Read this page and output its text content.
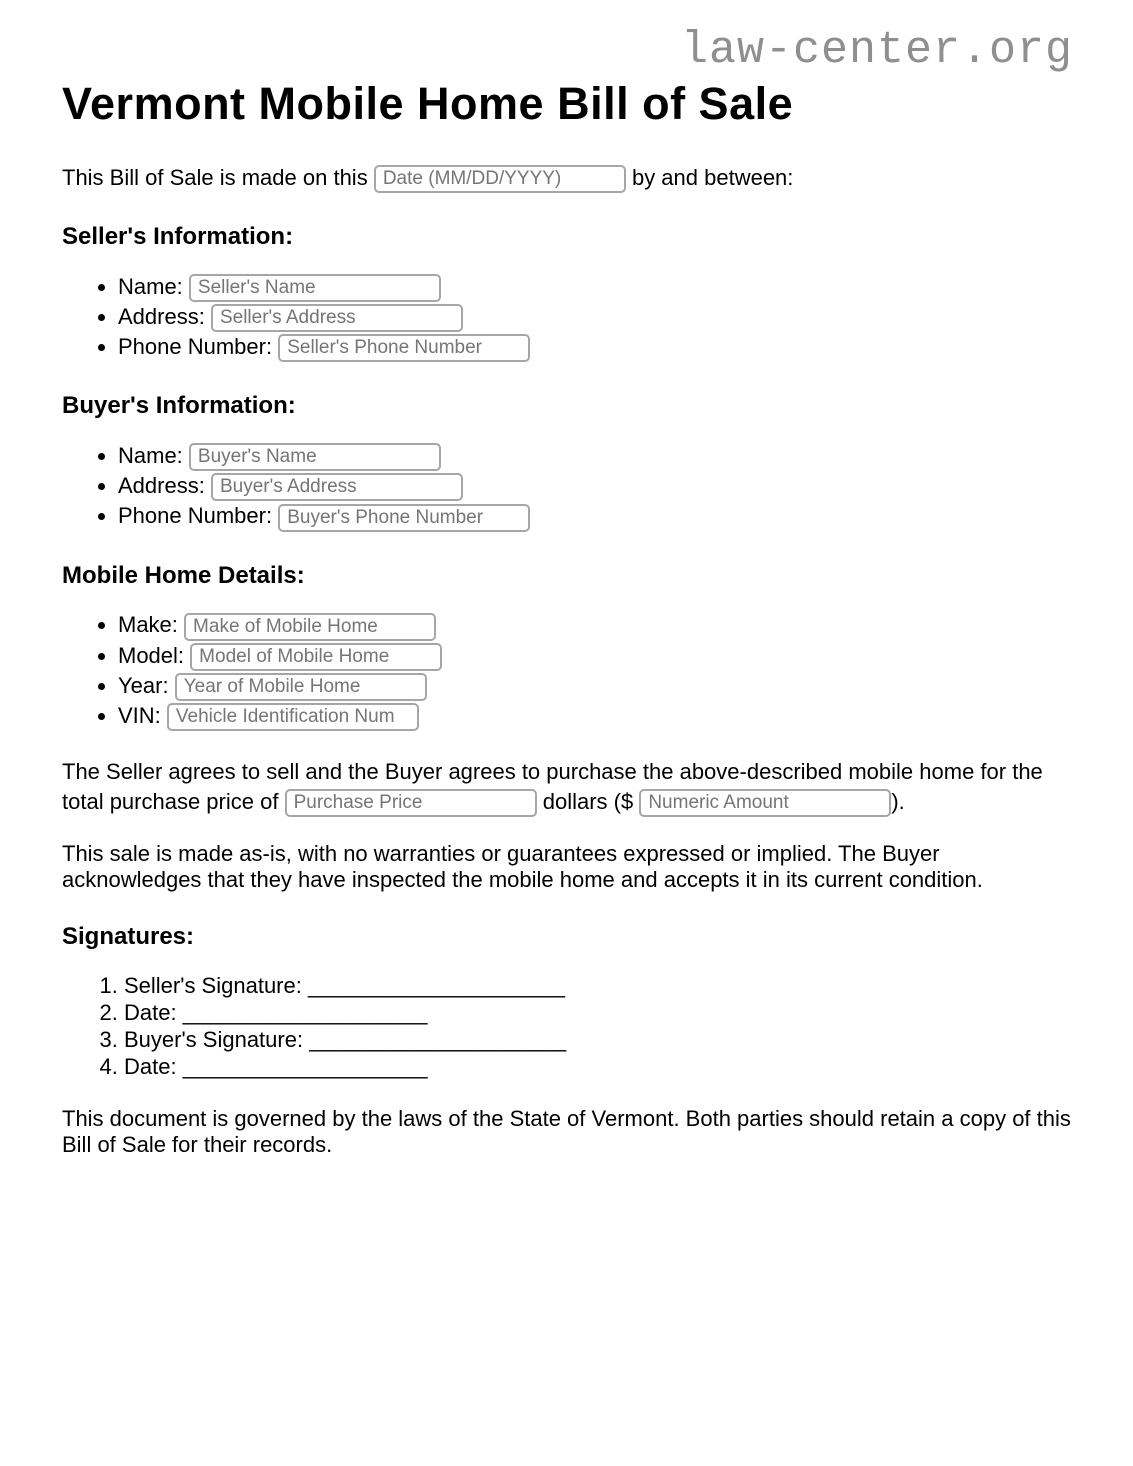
law-center.org
Vermont Mobile Home Bill of Sale

This Bill of Sale is made on this Date (MM/DD/YYYY)	by and between:

Seller's Information:
• Name: Seller's Name
• Address: Seller's Address
• Phone Number: Seller's Phone Number
Buyer's Information:
• Name: Buyer's Name
• Address: Buyer's Address
• Phone Number: Buyer's Phone Number
Mobile Home Details:
• Make: Make of Mobile Home
• Model: Model of Mobile Home
• Year: Year of Mobile Home
• VIN: Vehicle Identification Num

The Seller agrees to sell and the Buyer agrees to purchase the above-described mobile home for the total purchase price of Purchase Price	dollars ($ Numeric Amount	).

This sale is made as-is, with no warranties or guarantees expressed or implied. The Buyer acknowledges that they have inspected the mobile home and accepts it in its current condition.

Signatures:
1. Seller's Signature: _____________________
2. Date: ____________________
3. Buyer's Signature: _____________________
4. Date: ____________________

This document is governed by the laws of the State of Vermont. Both parties should retain a copy of this Bill of Sale for their records.
